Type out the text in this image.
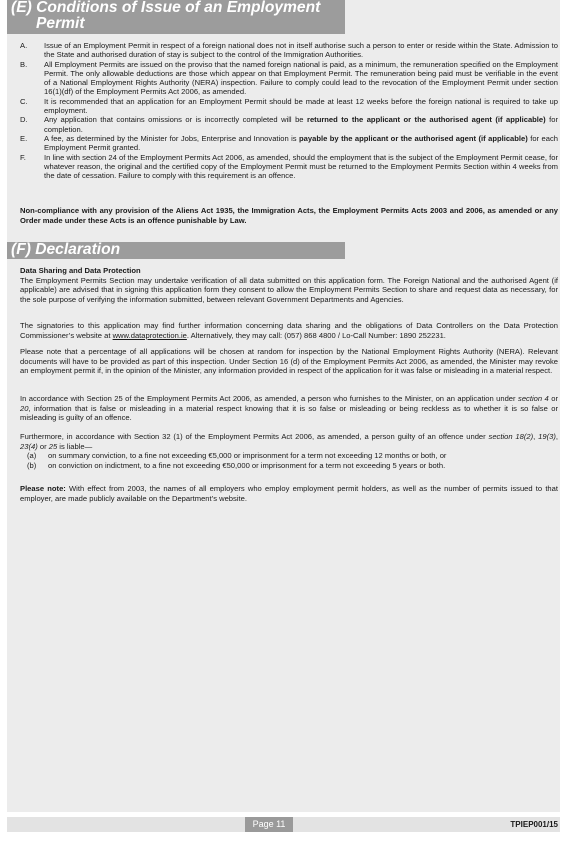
(E) Conditions of Issue of an Employment
Permit
A.	Issue of an Employment Permit in respect of a foreign national does not in itself authorise such a person to enter or reside within the State. Admission to the State and authorised duration of stay is subject to the control of the Immigration Authorities.
B.	All Employment Permits are issued on the proviso that the named foreign national is paid, as a minimum, the remuneration specified on the Employment Permit. The only allowable deductions are those which appear on that Employment Permit. The remuneration being paid must be verifiable in the event of a National Employment Rights Authority (NERA) inspection. Failure to comply could lead to the revocation of the Employment Permit under section 16(1)(df) of the Employment Permits Act 2006, as amended.
C.	It is recommended that an application for an Employment Permit should be made at least 12 weeks before the foreign national is required to take up employment.
D.	Any application that contains omissions or is incorrectly completed will be returned to the applicant or the authorised agent (if applicable) for completion.
E.	A fee, as determined by the Minister for Jobs, Enterprise and Innovation is payable by the applicant or the authorised agent (if applicable) for each Employment Permit granted.
F.	In line with section 24 of the Employment Permits Act 2006, as amended, should the employment that is the subject of the Employment Permit cease, for whatever reason, the original and the certified copy of the Employment Permit must be returned to the Employment Permits Section within 4 weeks from the date of cessation. Failure to comply with this requirement is an offence.
Non-compliance with any provision of the Aliens Act 1935, the Immigration Acts, the Employment Permits Acts 2003 and 2006, as amended or any Order made under these Acts is an offence punishable by Law.
(F) Declaration
Data Sharing and Data Protection
The Employment Permits Section may undertake verification of all data submitted on this application form. The Foreign National and the authorised Agent (if applicable) are advised that in signing this application form they consent to allow the Employment Permits Section to share and request data as necessary, for the sole purpose of verifying the information submitted, between relevant Government Departments and Agencies.
The signatories to this application may find further information concerning data sharing and the obligations of Data Controllers on the Data Protection Commissioner’s website at www.dataprotection.ie. Alternatively, they may call: (057) 868 4800 / Lo-Call Number: 1890 252231.
Please note that a percentage of all applications will be chosen at random for inspection by the National Employment Rights Authority (NERA). Relevant documents will have to be provided as part of this inspection. Under Section 16 (d) of the Employment Permits Act 2006, as amended, the Minister may revoke an employment permit if, in the opinion of the Minister, any information provided in respect of the application for it was false or misleading in a material respect.
In accordance with Section 25 of the Employment Permits Act 2006, as amended, a person who furnishes to the Minister, on an application under section 4 or 20, information that is false or misleading in a material respect knowing that it is so false or misleading or being reckless as to whether it is so false or misleading is guilty of an offence.
Furthermore, in accordance with Section 32 (1) of the Employment Permits Act 2006, as amended, a person guilty of an offence under section 18(2), 19(3), 23(4) or 25 is liable—
(a)	on summary conviction, to a fine not exceeding €5,000 or imprisonment for a term not exceeding 12 months or both, or
(b)	on conviction on indictment, to a fine not exceeding €50,000 or imprisonment for a term not exceeding 5 years or both.
Please note: With effect from 2003, the names of all employers who employ employment permit holders, as well as the number of permits issued to that employer, are made publicly available on the Department’s website.
Page 11	TPIEP001/15
